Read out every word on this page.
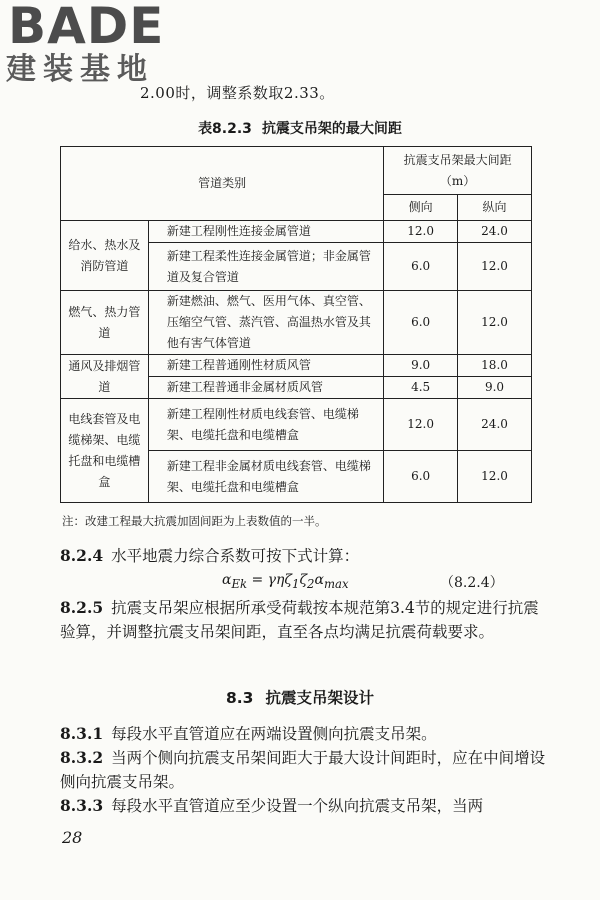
BADE
建装基地
2.00时，调整系数取2.33。
表8.2.3 抗震支吊架的最大间距
管道类别		抗震支吊架最大间距（m）	
		侧向	纵向
给水、热水及消防管道	新建工程刚性连接金属管道	12.0	24.0
	新建工程柔性连接金属管道；非金属管道及复合管道	6.0	12.0
燃气、热力管道	新建燃油、燃气、医用气体、真空管、压缩空气管、蒸汽管、高温热水管及其他有害气体管道	6.0	12.0
通风及排烟管道	新建工程普通刚性材质风管	9.0	18.0
	新建工程普通非金属材质风管	4.5	9.0
电线套管及电缆梯架、电缆托盘和电缆槽盒	新建工程刚性材质电线套管、电缆梯架、电缆托盘和电缆槽盒	12.0	24.0
	新建工程非金属材质电线套管、电缆梯架、电缆托盘和电缆槽盒	6.0	12.0
注：改建工程最大抗震加固间距为上表数值的一半。
8.2.4 水平地震力综合系数可按下式计算：
$\alpha_{Ek} = \gamma\eta\zeta_1\zeta_2\alpha_{max}$	（8.2.4）
8.2.5 抗震支吊架应根据所承受荷载按本规范第3.4节的规定进行抗震验算，并调整抗震支吊架间距，直至各点均满足抗震荷载要求。
8.3 抗震支吊架设计
8.3.1 每段水平直管道应在两端设置侧向抗震支吊架。
8.3.2 当两个侧向抗震支吊架间距大于最大设计间距时，应在中间增设侧向抗震支吊架。
8.3.3 每段水平直管道应至少设置一个纵向抗震支吊架，当两
28
